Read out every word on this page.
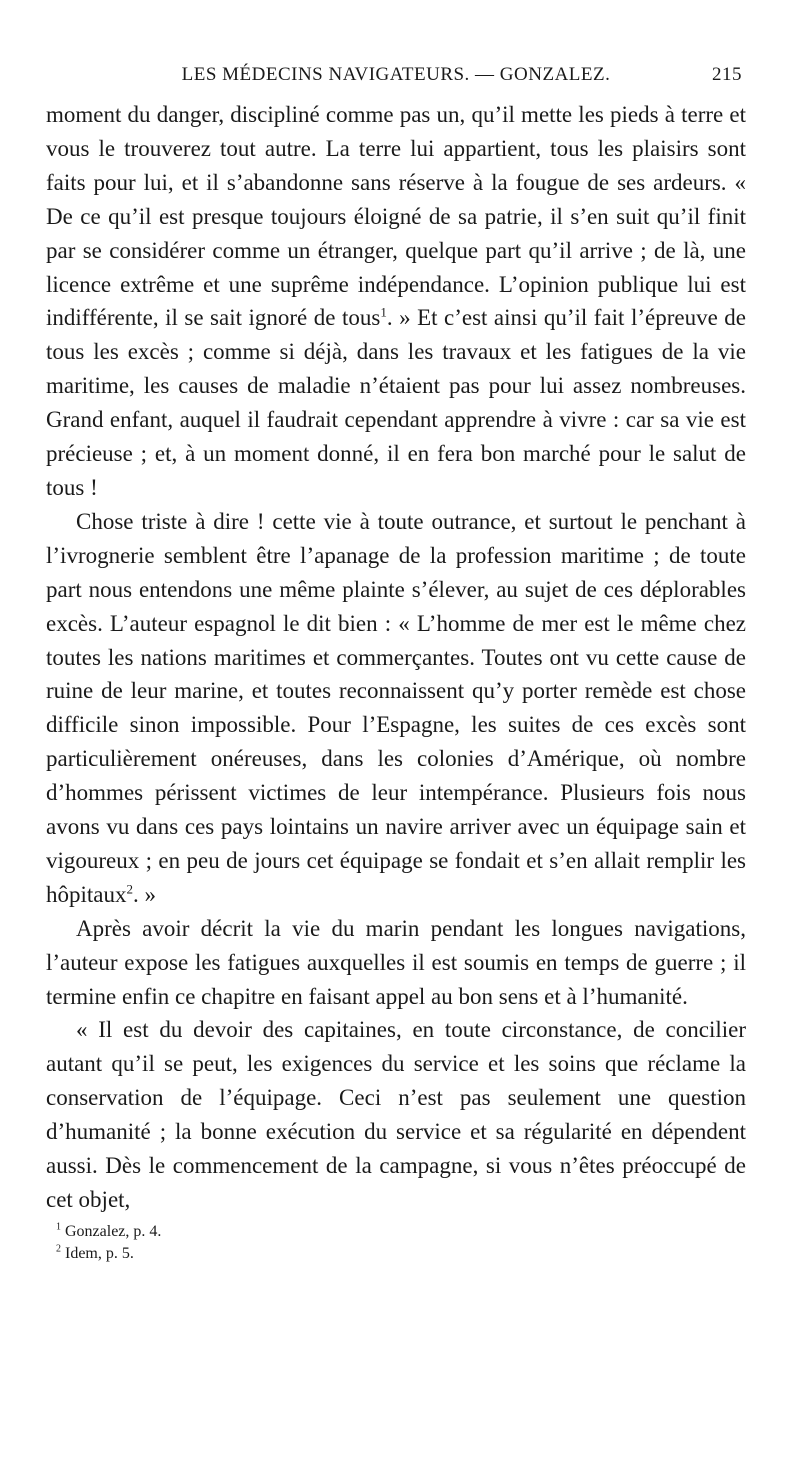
LES MÉDECINS NAVIGATEURS. — GONZALEZ.	215

moment du danger, discipliné comme pas un, qu’il mette les pieds à terre et vous le trouverez tout autre. La terre lui appartient, tous les plaisirs sont faits pour lui, et il s’abandonne sans réserve à la fougue de ses ardeurs. « De ce qu’il est presque toujours éloigné de sa patrie, il s’en suit qu’il finit par se considérer comme un étranger, quelque part qu’il arrive ; de là, une licence extrême et une suprême indépendance. L’opinion publique lui est indifférente, il se sait ignoré de tous$^1$. » Et c’est ainsi qu’il fait l’épreuve de tous les excès ; comme si déjà, dans les travaux et les fatigues de la vie maritime, les causes de maladie n’étaient pas pour lui assez nombreuses. Grand enfant, auquel il faudrait cependant apprendre à vivre : car sa vie est précieuse ; et, à un moment donné, il en fera bon marché pour le salut de tous !

Chose triste à dire ! cette vie à toute outrance, et surtout le penchant à l’ivrognerie semblent être l’apanage de la profession maritime ; de toute part nous entendons une même plainte s’élever, au sujet de ces déplorables excès. L’auteur espagnol le dit bien : « L’homme de mer est le même chez toutes les nations maritimes et commerçantes. Toutes ont vu cette cause de ruine de leur marine, et toutes reconnaissent qu’y porter remède est chose difficile sinon impossible. Pour l’Espagne, les suites de ces excès sont particulièrement onéreuses, dans les colonies d’Amérique, où nombre d’hommes périssent victimes de leur intempérance. Plusieurs fois nous avons vu dans ces pays lointains un navire arriver avec un équipage sain et vigoureux ; en peu de jours cet équipage se fondait et s’en allait remplir les hôpitaux$^2$. »

Après avoir décrit la vie du marin pendant les longues navigations, l’auteur expose les fatigues auxquelles il est soumis en temps de guerre ; il termine enfin ce chapitre en faisant appel au bon sens et à l’humanité.

« Il est du devoir des capitaines, en toute circonstance, de concilier autant qu’il se peut, les exigences du service et les soins que réclame la conservation de l’équipage. Ceci n’est pas seulement une question d’humanité ; la bonne exécution du service et sa régularité en dépendent aussi. Dès le commencement de la campagne, si vous n’êtes préoccupé de cet objet,

$^1$ Gonzalez, p. 4.
$^2$ Idem, p. 5.
